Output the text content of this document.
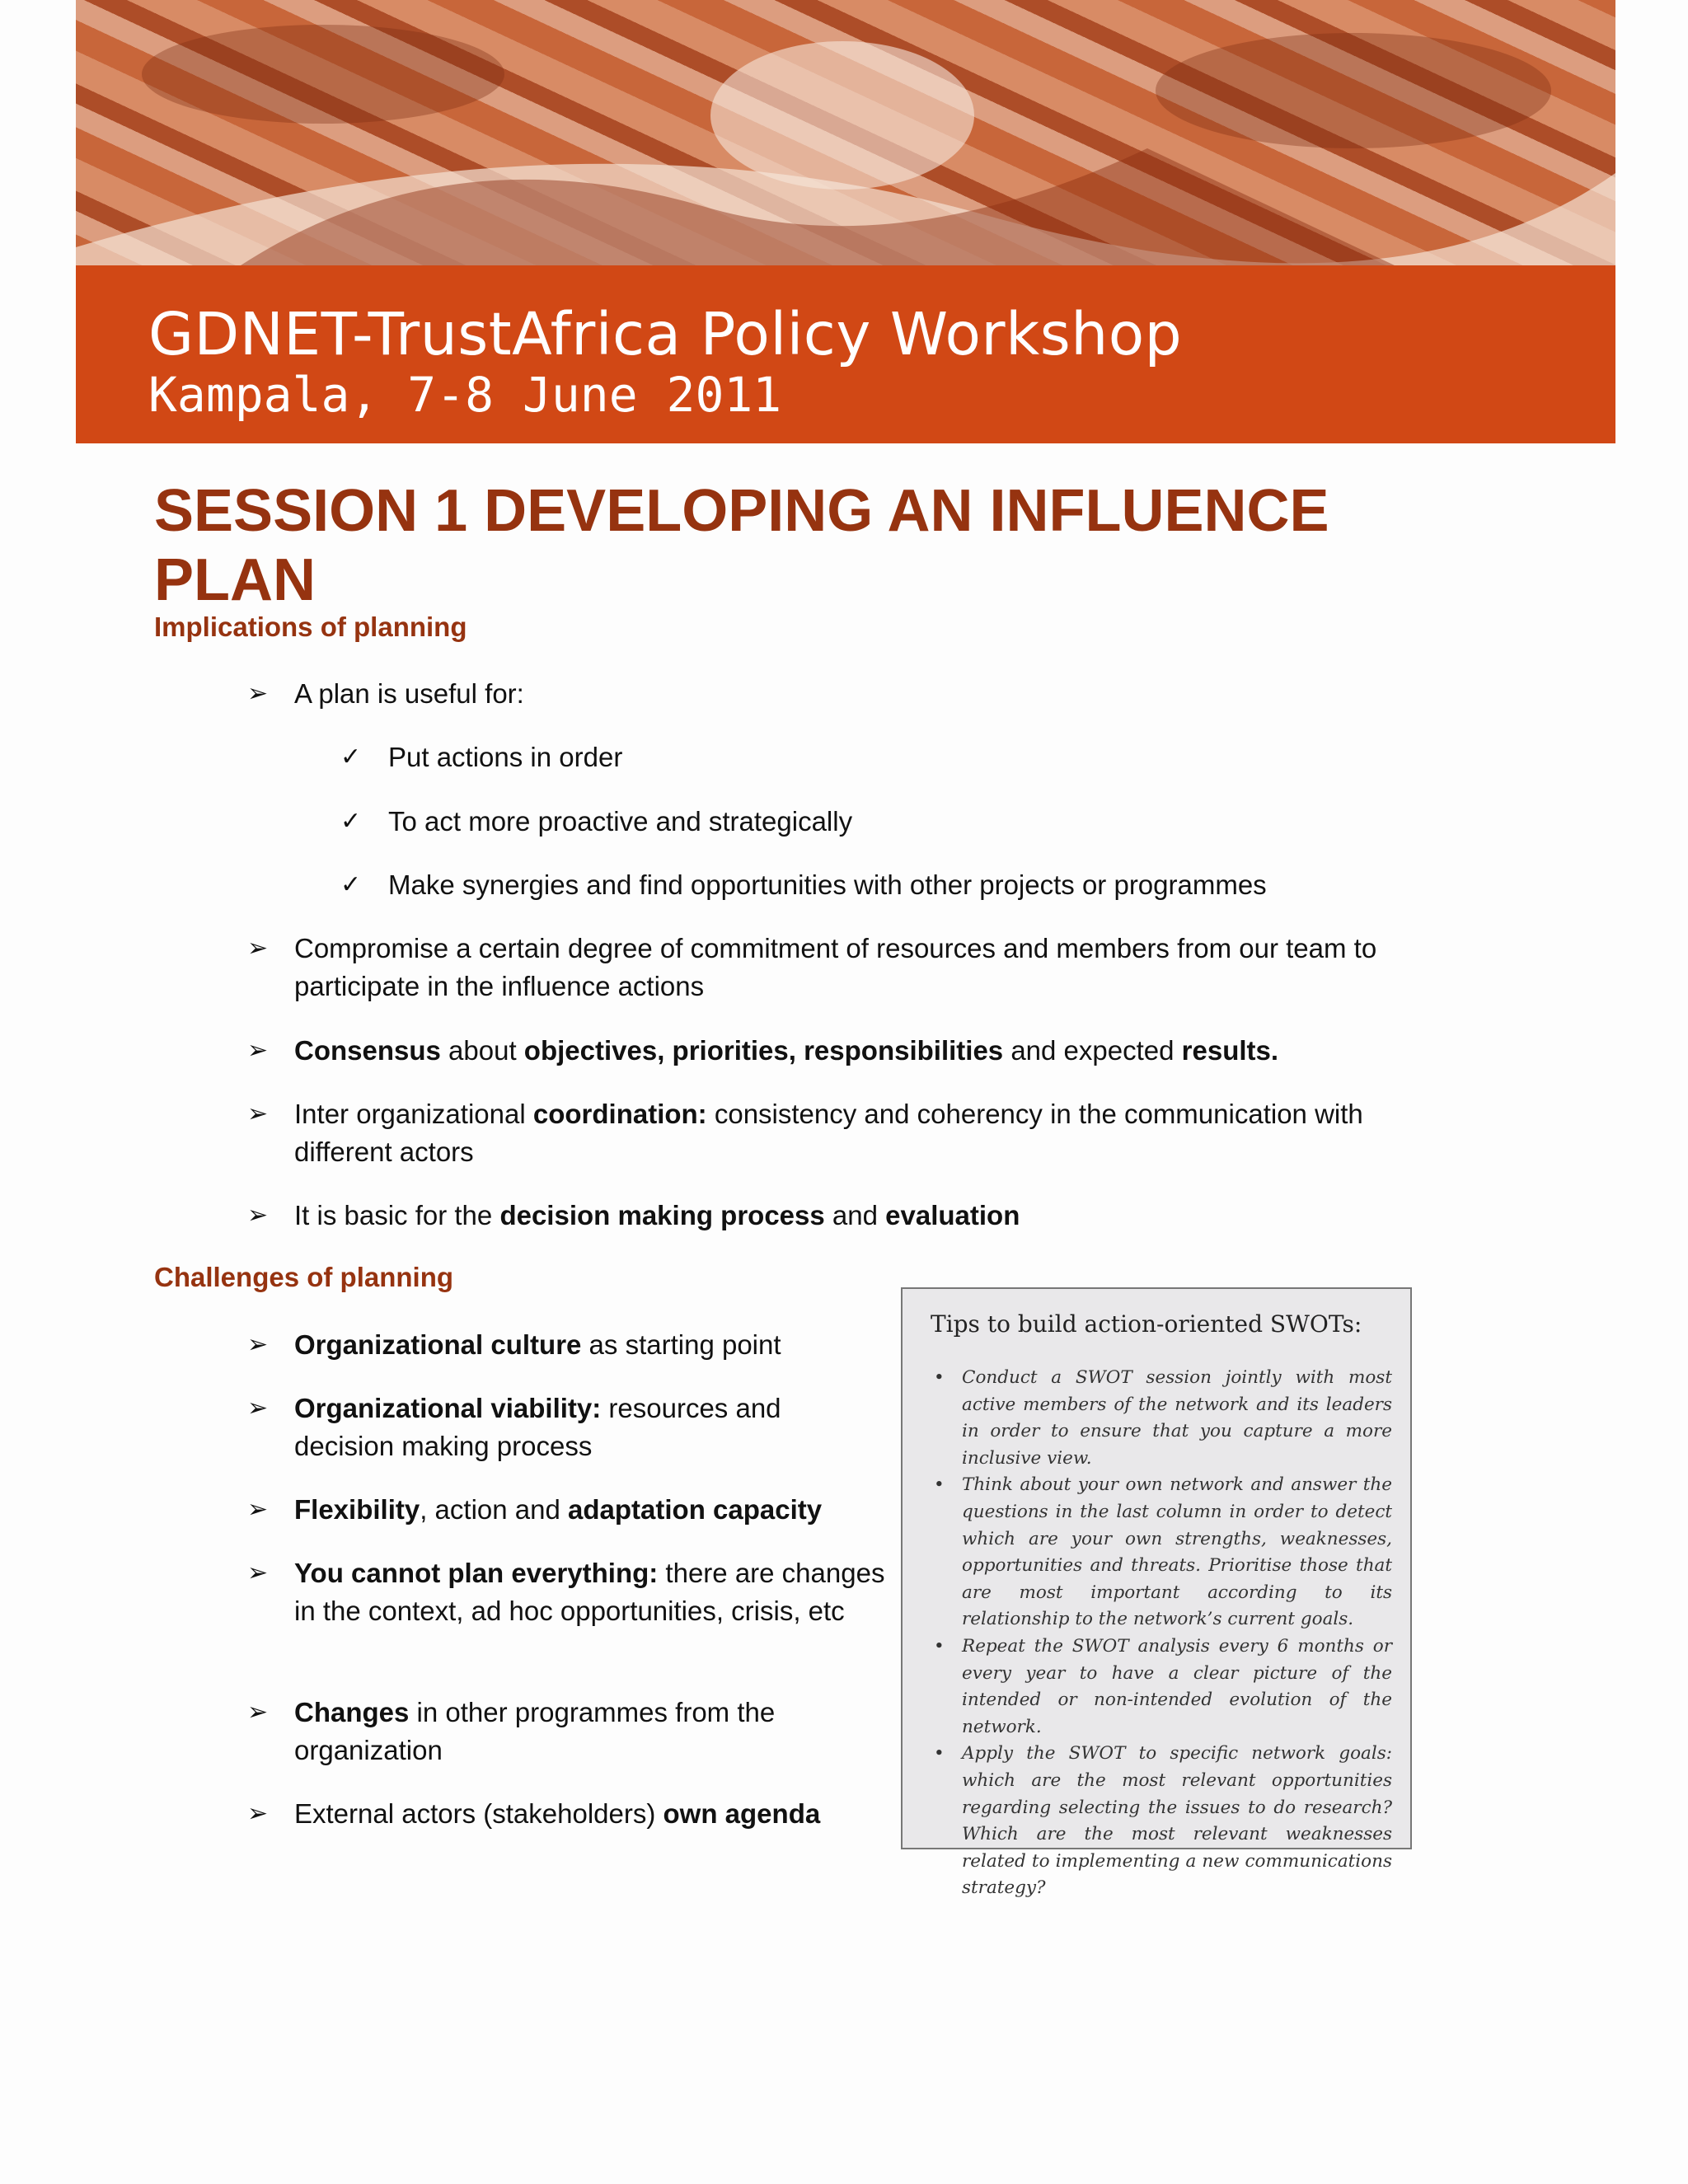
GDNET-TrustAfrica Policy Workshop
Kampala, 7-8 June 2011
SESSION 1 DEVELOPING AN INFLUENCE PLAN
Implications of planning
➢ A plan is useful for:
✓ Put actions in order
✓ To act more proactive and strategically
✓ Make synergies and find opportunities with other projects or programmes
➢ Compromise a certain degree of commitment of resources and members from our team to participate in the influence actions
➢ Consensus about objectives, priorities, responsibilities and expected results.
➢ Inter organizational coordination: consistency and coherency in the communication with different actors
➢ It is basic for the decision making process and evaluation
Challenges of planning
➢ Organizational culture as starting point
➢ Organizational viability: resources and decision making process
➢ Flexibility, action and adaptation capacity
➢ You cannot plan everything: there are changes in the context, ad hoc opportunities, crisis, etc
➢ Changes in other programmes from the organization
➢ External actors (stakeholders) own agenda
Tips to build action-oriented SWOTs:
• Conduct a SWOT session jointly with most active members of the network and its leaders in order to ensure that you capture a more inclusive view.
• Think about your own network and answer the questions in the last column in order to detect which are your own strengths, weaknesses, opportunities and threats. Prioritise those that are most important according to its relationship to the network’s current goals.
• Repeat the SWOT analysis every 6 months or every year to have a clear picture of the intended or non-intended evolution of the network.
• Apply the SWOT to specific network goals: which are the most relevant opportunities regarding selecting the issues to do research? Which are the most relevant weaknesses related to implementing a new communications strategy?
